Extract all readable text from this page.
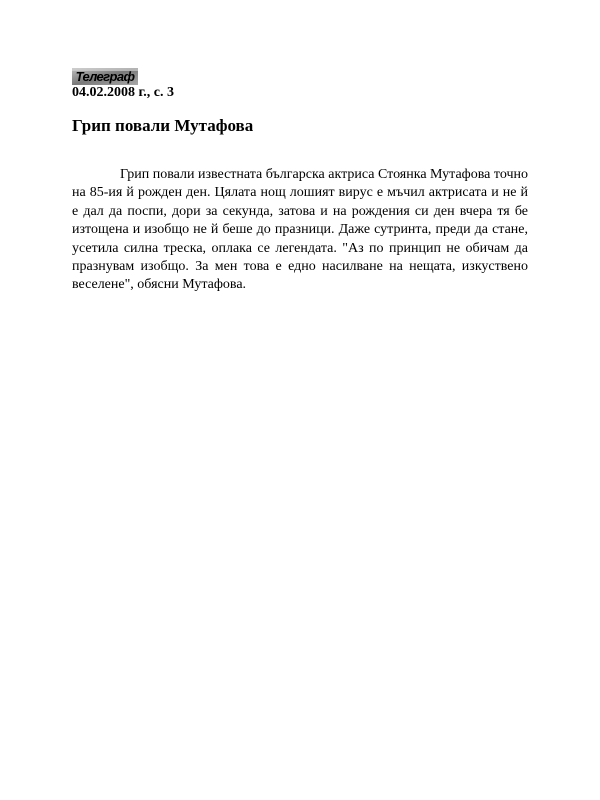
Телеграф
04.02.2008 г., с. 3
Грип повали Мутафова

Грип повали известната българска актриса Стоянка Мутафова точно на 85-ия й рожден ден. Цялата нощ лошият вирус е мъчил актрисата и не й е дал да поспи, дори за секунда, затова и на рождения си ден вчера тя бе изтощена и изобщо не й беше до празници. Даже сутринта, преди да стане, усетила силна треска, оплака се легендата. "Аз по принцип не обичам да празнувам изобщо. За мен това е едно насилване на нещата, изкуствено веселене", обясни Мутафова.
